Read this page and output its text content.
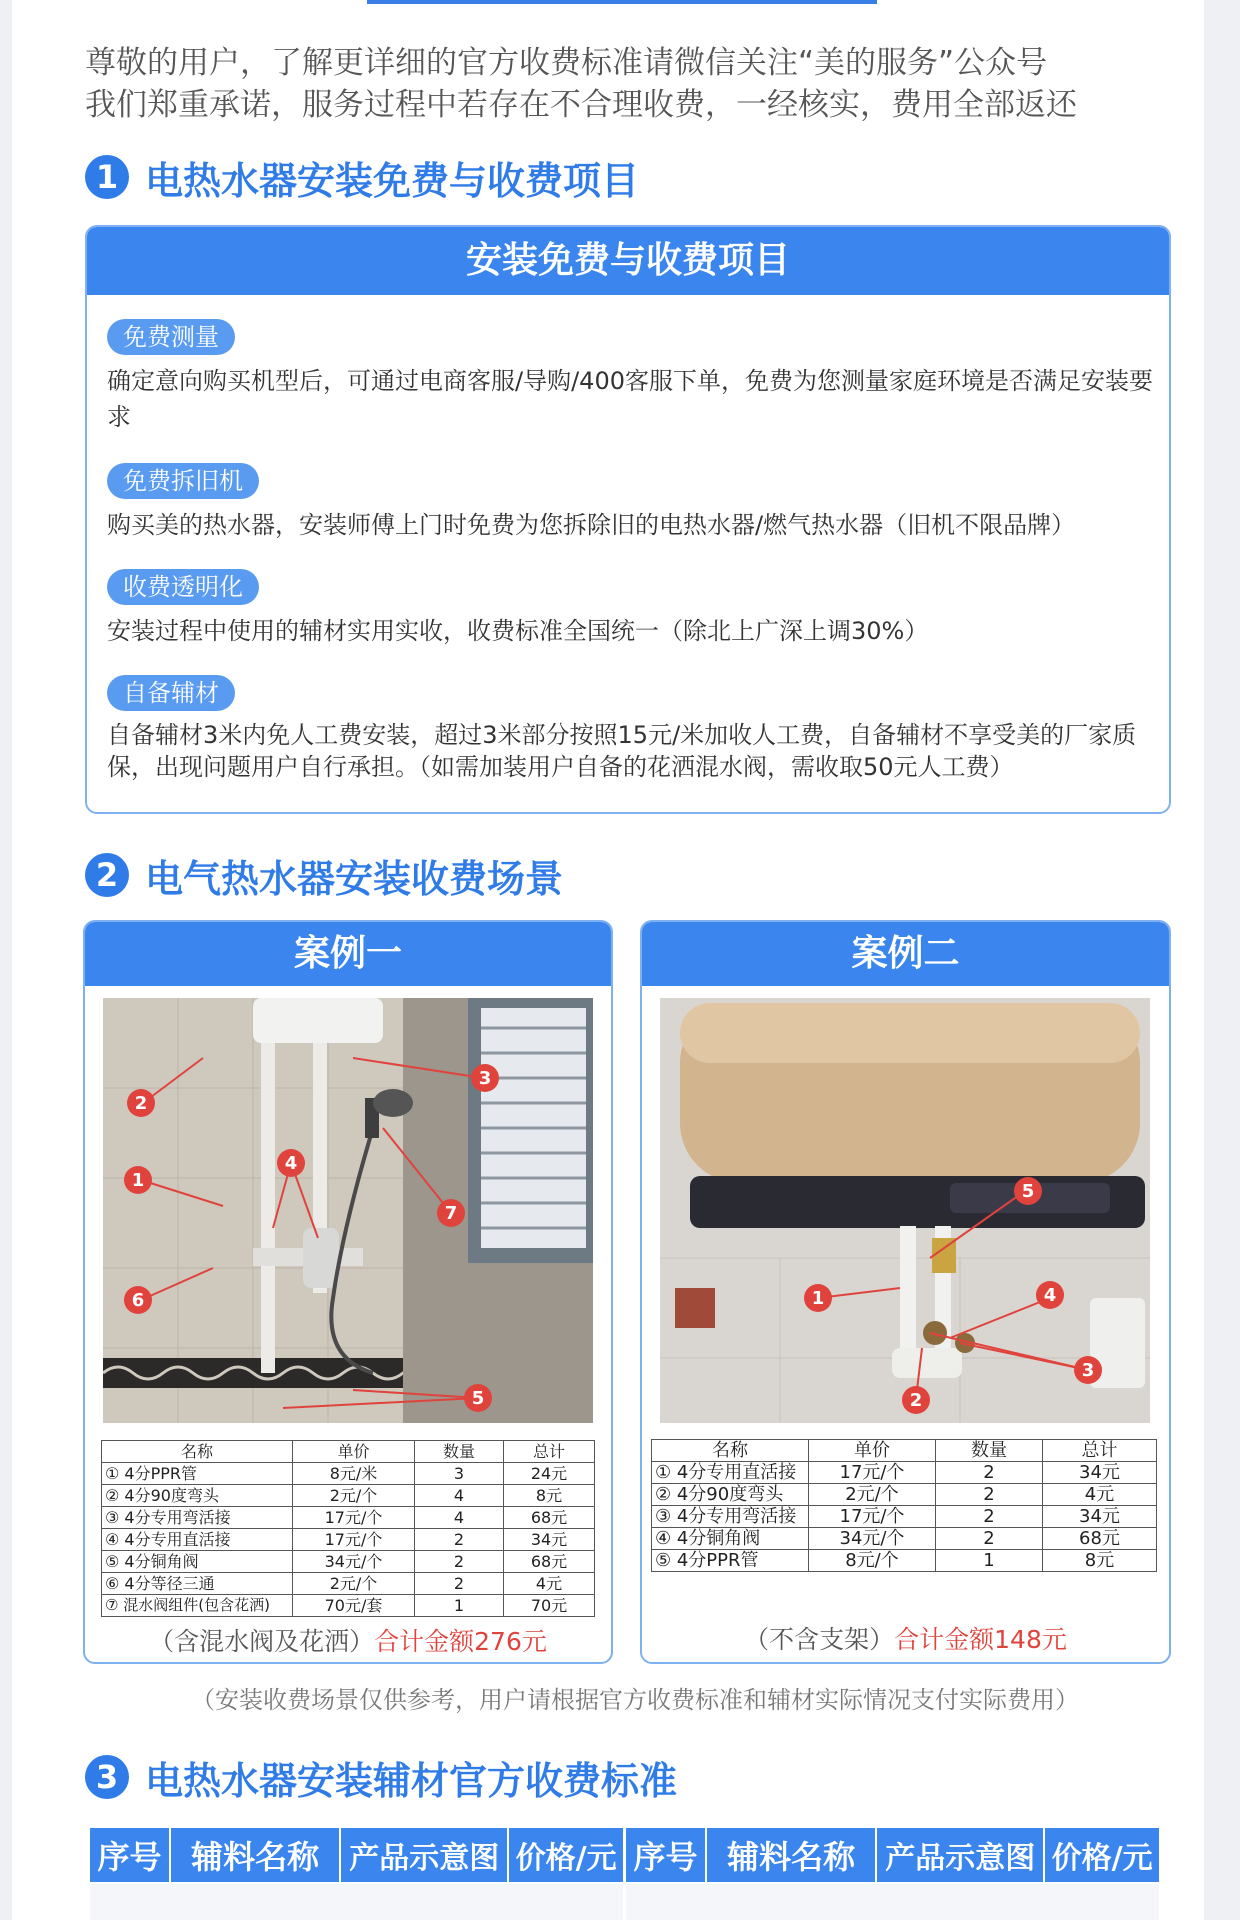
尊敬的用户，了解更详细的官方收费标准请微信关注“美的服务”公众号
我们郑重承诺，服务过程中若存在不合理收费，一经核实，费用全部返还
1 电热水器安装免费与收费项目
安装免费与收费项目
免费测量
确定意向购买机型后，可通过电商客服/导购/400客服下单，免费为您测量家庭环境是否满足安装要求
免费拆旧机
购买美的热水器，安装师傅上门时免费为您拆除旧的电热水器/燃气热水器（旧机不限品牌）
收费透明化
安装过程中使用的辅材实用实收，收费标准全国统一（除北上广深上调30%）
自备辅材
自备辅材3米内免人工费安装，超过3米部分按照15元/米加收人工费，自备辅材不享受美的厂家质保，出现问题用户自行承担。（如需加装用户自备的花洒混水阀，需收取50元人工费）
2 电气热水器安装收费场景
案例一
2
1
3
4
5
6
7
名称	单价	数量	总计
① 4分PPR管	8元/米	3	24元
② 4分90度弯头	2元/个	4	8元
③ 4分专用弯活接	17元/个	4	68元
④ 4分专用直活接	17元/个	2	34元
⑤ 4分铜角阀	34元/个	2	68元
⑥ 4分等径三通	2元/个	2	4元
⑦ 混水阀组件(包含花洒)	70元/套	1	70元
（含混水阀及花洒）合计金额276元
案例二
1
2
3
4
5
名称	单价	数量	总计
① 4分专用直活接	17元/个	2	34元
② 4分90度弯头	2元/个	2	4元
③ 4分专用弯活接	17元/个	2	34元
④ 4分铜角阀	34元/个	2	68元
⑤ 4分PPR管	8元/个	1	8元
（不含支架）合计金额148元
（安装收费场景仅供参考，用户请根据官方收费标准和辅材实际情况支付实际费用）
3 电热水器安装辅材官方收费标准
序号 辅料名称	产品示意图 价格/元 序号 辅料名称	产品示意图 价格/元
